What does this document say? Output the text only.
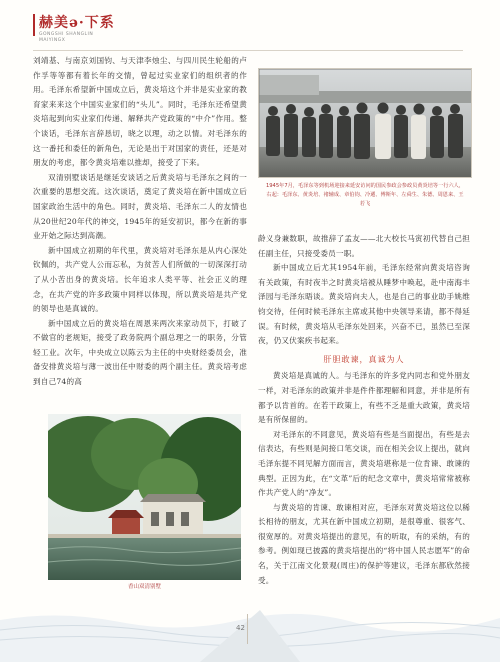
赫美ə·下系
GONGSHI SHANGLIN
MAIYINGX

刘靖基、与南京刘国钧、与天津李烛尘、与四川民生轮船的卢作孚等等都有着长年的交情，曾起过实业家们的组织者的作用。毛泽东希望新中国成立后，黄炎培这个并非是实业家的教育家来来这个中国实业家们的“头儿”。同时，毛泽东还希望黄炎培起到向实业家们传递、解释共产党政策的“中介”作用。整个谈话，毛泽东言辞恳切，晓之以理，动之以情。对毛泽东的这一番托和委任的新角色，无论是出于对国家的责任，还是对朋友的考虑，都令黄炎培难以推却，接受了下来。

双清别墅谈话是继延安谈话之后黄炎培与毛泽东之间的一次重要的思想交流。这次谈话，奠定了黄炎培在新中国成立后国家政治生活中的角色。同时，黄炎培、毛泽东二人的友情也从20世纪20年代的神交，1945年的延安初识，都今在新的事业开始之际达到高潮。

新中国成立初期的年代里，黄炎培对毛泽东是从内心深处钦佩的，共产党人公而忘私，为贫苦人们所做的一切深深打动了从小苦出身的黄炎培。长年追求人类平等、社会正义的理念，在共产党的许多政策中同样以体现，所以黄炎培是共产党的领导也是真诚的。

新中国成立后的黄炎培在周恩来两次来家动员下，打破了不做官的老规矩，接受了政务院两个副总理之一的职务，分管轻工业。次年，中央成立以陈云为主任的中央财经委员会，准备安排黄炎培与薄一波出任中财委的两个副主任。黄炎培考虑到自己74的高

1945年7月，毛泽东等到机场迎接来延安访问的国民参政会参政员黄炎培等一行六人，右起：毛泽东、黄炎培、褚辅成、章伯钧、冷遹、傅斯年、左舜生、朱德、周恩来、王若飞

龄义身兼数职，故推辞了孟友——北大校长马寅初代替自己担任副主任，只接受委员一职。

新中国成立后尤其1954年前，毛泽东经常向黄炎培咨询有关政策，有时夜半之时黄炎培被从睡梦中唤起，赴中南海丰泽园与毛泽东晤谈。黄炎培向夫人，也是自己的事业助手姚维钧交待，任何时候毛泽东主席或其他中央领导来请，都不得延误。有时候，黄炎培从毛泽东处回来，兴奋不已，虽然已至深夜，仍又伏案疾书起来。

肝胆敢谏，真诚为人

黄炎培是真诚的人。与毛泽东的许多党内同志和党外朋友一样，对毛泽东的政策并非是件件都理解和同意，并非是所有都予以肯首的。在若干政策上，有些不乏是重大政策，黄炎培是有所保留的。

对毛泽东的不同意见，黄炎培有些是当面提出，有些是去信表达，有些则是间接口笔交谈，而在相关会议上提出，就向毛泽东提不同见解方面而言，黄炎培堪称是一位肯谏、敢谏的典型。正因为此，在“文革”后的纪念文章中，黄炎培常常被称作共产党人的“净友”。

与黄炎培的肯谏、敢谏相对应，毛泽东对黄炎培这位以稀长相待的朋友，尤其在新中国成立初期，是很尊重、很客气、很宽厚的。对黄炎培提出的意见，有的听取，有的采纳，有的参考。例如现已披露的黄炎培提出的“将中国人民志愿军”的命名，关于江南文化景观(周庄)的保护等建议，毛泽东都欣然接受。

香山双清别墅
42
